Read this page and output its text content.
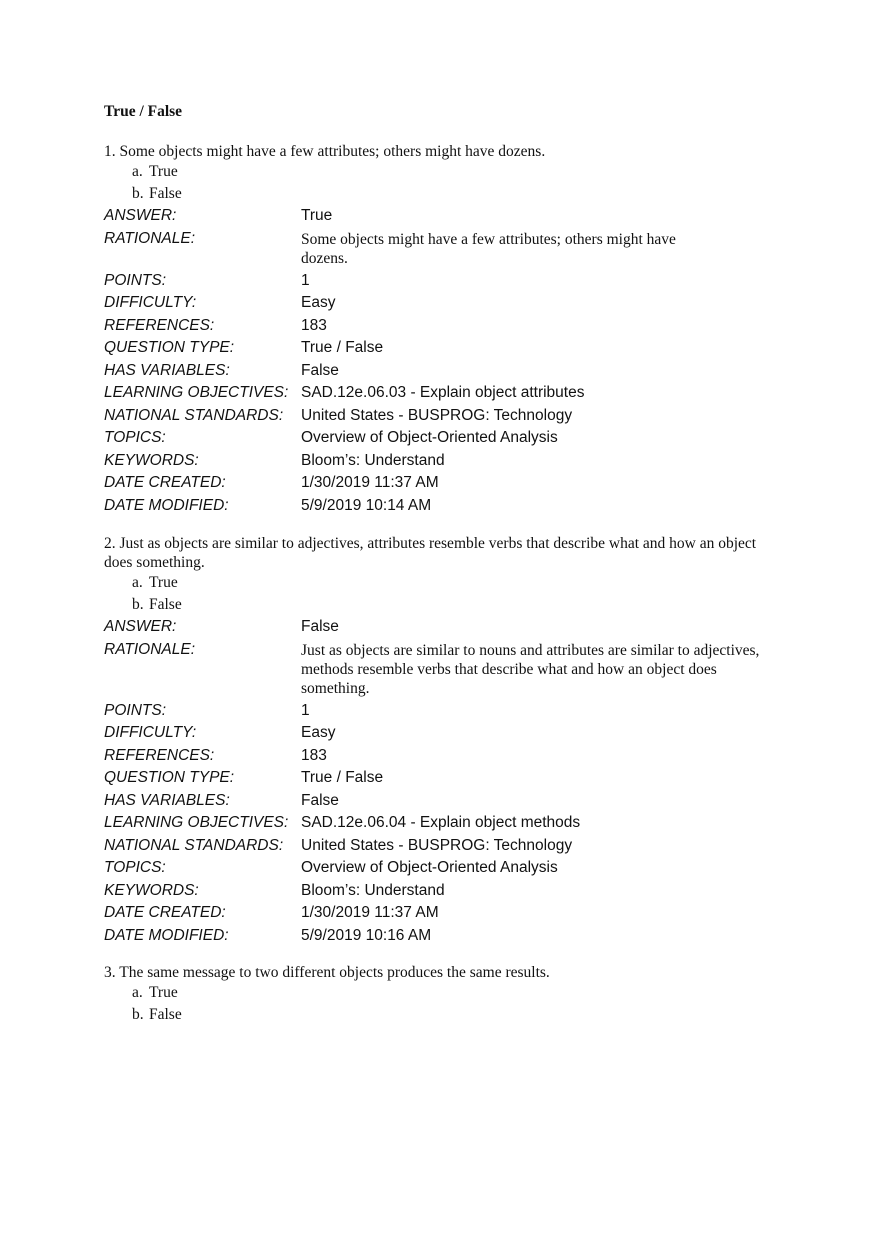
True / False

1. Some objects might have a few attributes; others might have dozens.

a. True
b. False
ANSWER:	True
RATIONALE:	Some objects might have a few attributes; others might have dozens.
POINTS:	1
DIFFICULTY:	Easy
REFERENCES:	183
QUESTION TYPE:	True / False
HAS VARIABLES:	False
LEARNING OBJECTIVES: SAD.12e.06.03 - Explain object attributes
NATIONAL STANDARDS:	United States - BUSPROG: Technology
TOPICS:	Overview of Object-Oriented Analysis
KEYWORDS:	Bloom’s: Understand
DATE CREATED:	1/30/2019 11:37 AM
DATE MODIFIED:	5/9/2019 10:14 AM

2. Just as objects are similar to adjectives, attributes resemble verbs that describe what and how an object does something.

a. True
b. False
ANSWER:	False
RATIONALE:	Just as objects are similar to nouns and attributes are similar to adjectives, methods resemble verbs that describe what and how an object does something.
POINTS:	1
DIFFICULTY:	Easy
REFERENCES:	183
QUESTION TYPE:	True / False
HAS VARIABLES:	False
LEARNING OBJECTIVES: SAD.12e.06.04 - Explain object methods
NATIONAL STANDARDS:	United States - BUSPROG: Technology
TOPICS:	Overview of Object-Oriented Analysis
KEYWORDS:	Bloom’s: Understand
DATE CREATED:	1/30/2019 11:37 AM
DATE MODIFIED:	5/9/2019 10:16 AM

3. The same message to two different objects produces the same results.

a. True
b. False
